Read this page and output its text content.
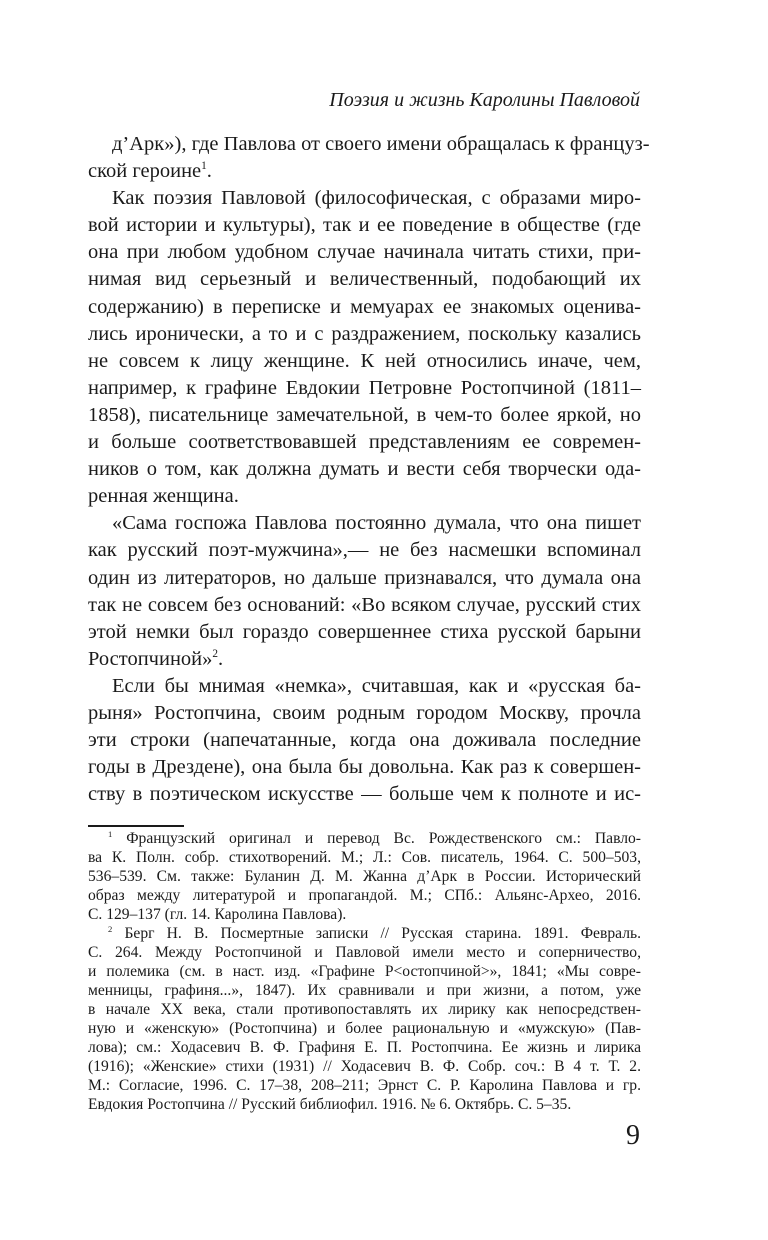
Поэзия и жизнь Каролины Павловой
д’Арк»), где Павлова от своего имени обращалась к француз-
ской героине$^1$.
Как поэзия Павловой (философическая, с образами миро-
вой истории и культуры), так и ее поведение в обществе (где
она при любом удобном случае начинала читать стихи, при-
нимая вид серьезный и величественный, подобающий их
содержанию) в переписке и мемуарах ее знакомых оценива-
лись иронически, а то и с раздражением, поскольку казались
не совсем к лицу женщине. К ней относились иначе, чем,
например, к графине Евдокии Петровне Ростопчиной (1811–
1858), писательнице замечательной, в чем-то более яркой, но
и больше соответствовавшей представлениям ее современ-
ников о том, как должна думать и вести себя творчески ода-
ренная женщина.
«Сама госпожа Павлова постоянно думала, что она пишет
как русский поэт-мужчина»,— не без насмешки вспоминал
один из литераторов, но дальше признавался, что думала она
так не совсем без оснований: «Во всяком случае, русский стих
этой немки был гораздо совершеннее стиха русской барыни
Ростопчиной»$^2$.
Если бы мнимая «немка», считавшая, как и «русская ба-
рыня» Ростопчина, своим родным городом Москву, прочла
эти строки (напечатанные, когда она доживала последние
годы в Дрездене), она была бы довольна. Как раз к совершен-
ству в поэтическом искусстве — больше чем к полноте и ис-
$^1$ Французский оригинал и перевод Вс. Рождественского см.: Павло-
ва К. Полн. собр. стихотворений. М.; Л.: Сов. писатель, 1964. С. 500–503,
536–539. См. также: Буланин Д. М. Жанна д’Арк в России. Исторический
образ между литературой и пропагандой. М.; СПб.: Альянс-Архео, 2016.
С. 129–137 (гл. 14. Каролина Павлова).
$^2$ Берг Н. В. Посмертные записки // Русская старина. 1891. Февраль.
С. 264. Между Ростопчиной и Павловой имели место и соперничество,
и полемика (см. в наст. изд. «Графине Р<остопчиной>», 1841; «Мы совре-
менницы, графиня...», 1847). Их сравнивали и при жизни, а потом, уже
в начале XX века, стали противопоставлять их лирику как непосредствен-
ную и «женскую» (Ростопчина) и более рациональную и «мужскую» (Пав-
лова); см.: Ходасевич В. Ф. Графиня Е. П. Ростопчина. Ее жизнь и лирика
(1916); «Женские» стихи (1931) // Ходасевич В. Ф. Собр. соч.: В 4 т. Т. 2.
М.: Согласие, 1996. С. 17–38, 208–211; Эрнст С. Р. Каролина Павлова и гр.
Евдокия Ростопчина // Русский библиофил. 1916. № 6. Октябрь. С. 5–35.
9
